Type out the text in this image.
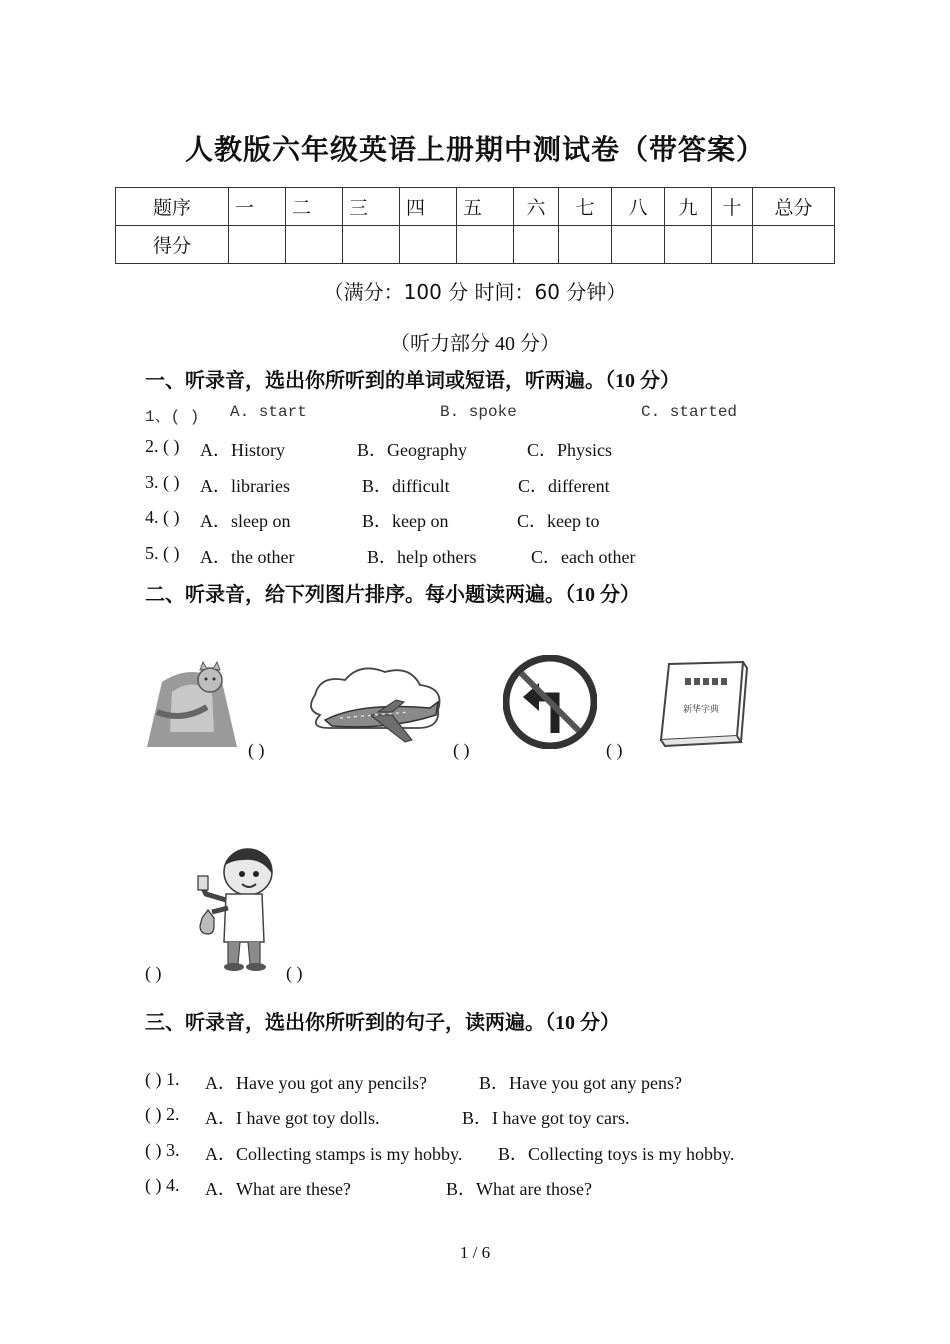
人教版六年级英语上册期中测试卷（带答案）
题序	一	二	三	四	五	六	七	八	九	十	总分
得分											
（满分：100 分 时间：60 分钟）
（听力部分 40 分）
一、听录音，选出你所听到的单词或短语，听两遍。（10 分）
1、( ) A. start	B. spoke	C. started
2. ( ) A．History	B．Geography	C．Physics
3. ( ) A．libraries	B．difficult	C．different
4. ( ) A．sleep on	B．keep on	C．keep to
5. ( ) A．the other	B．help others	C．each other
二、听录音，给下列图片排序。每小题读两遍。（10 分）
新华字典
( )	( )	( )
( )	( )
三、听录音，选出你所听到的句子，读两遍。（10 分）
( ) 1. A．Have you got any pencils?	B．Have you got any pens?
( ) 2. A．I have got toy dolls.	B．I have got toy cars.
( ) 3. A．Collecting stamps is my hobby. B．Collecting toys is my hobby.
( ) 4. A．What are these?	B．What are those?
1 / 6
